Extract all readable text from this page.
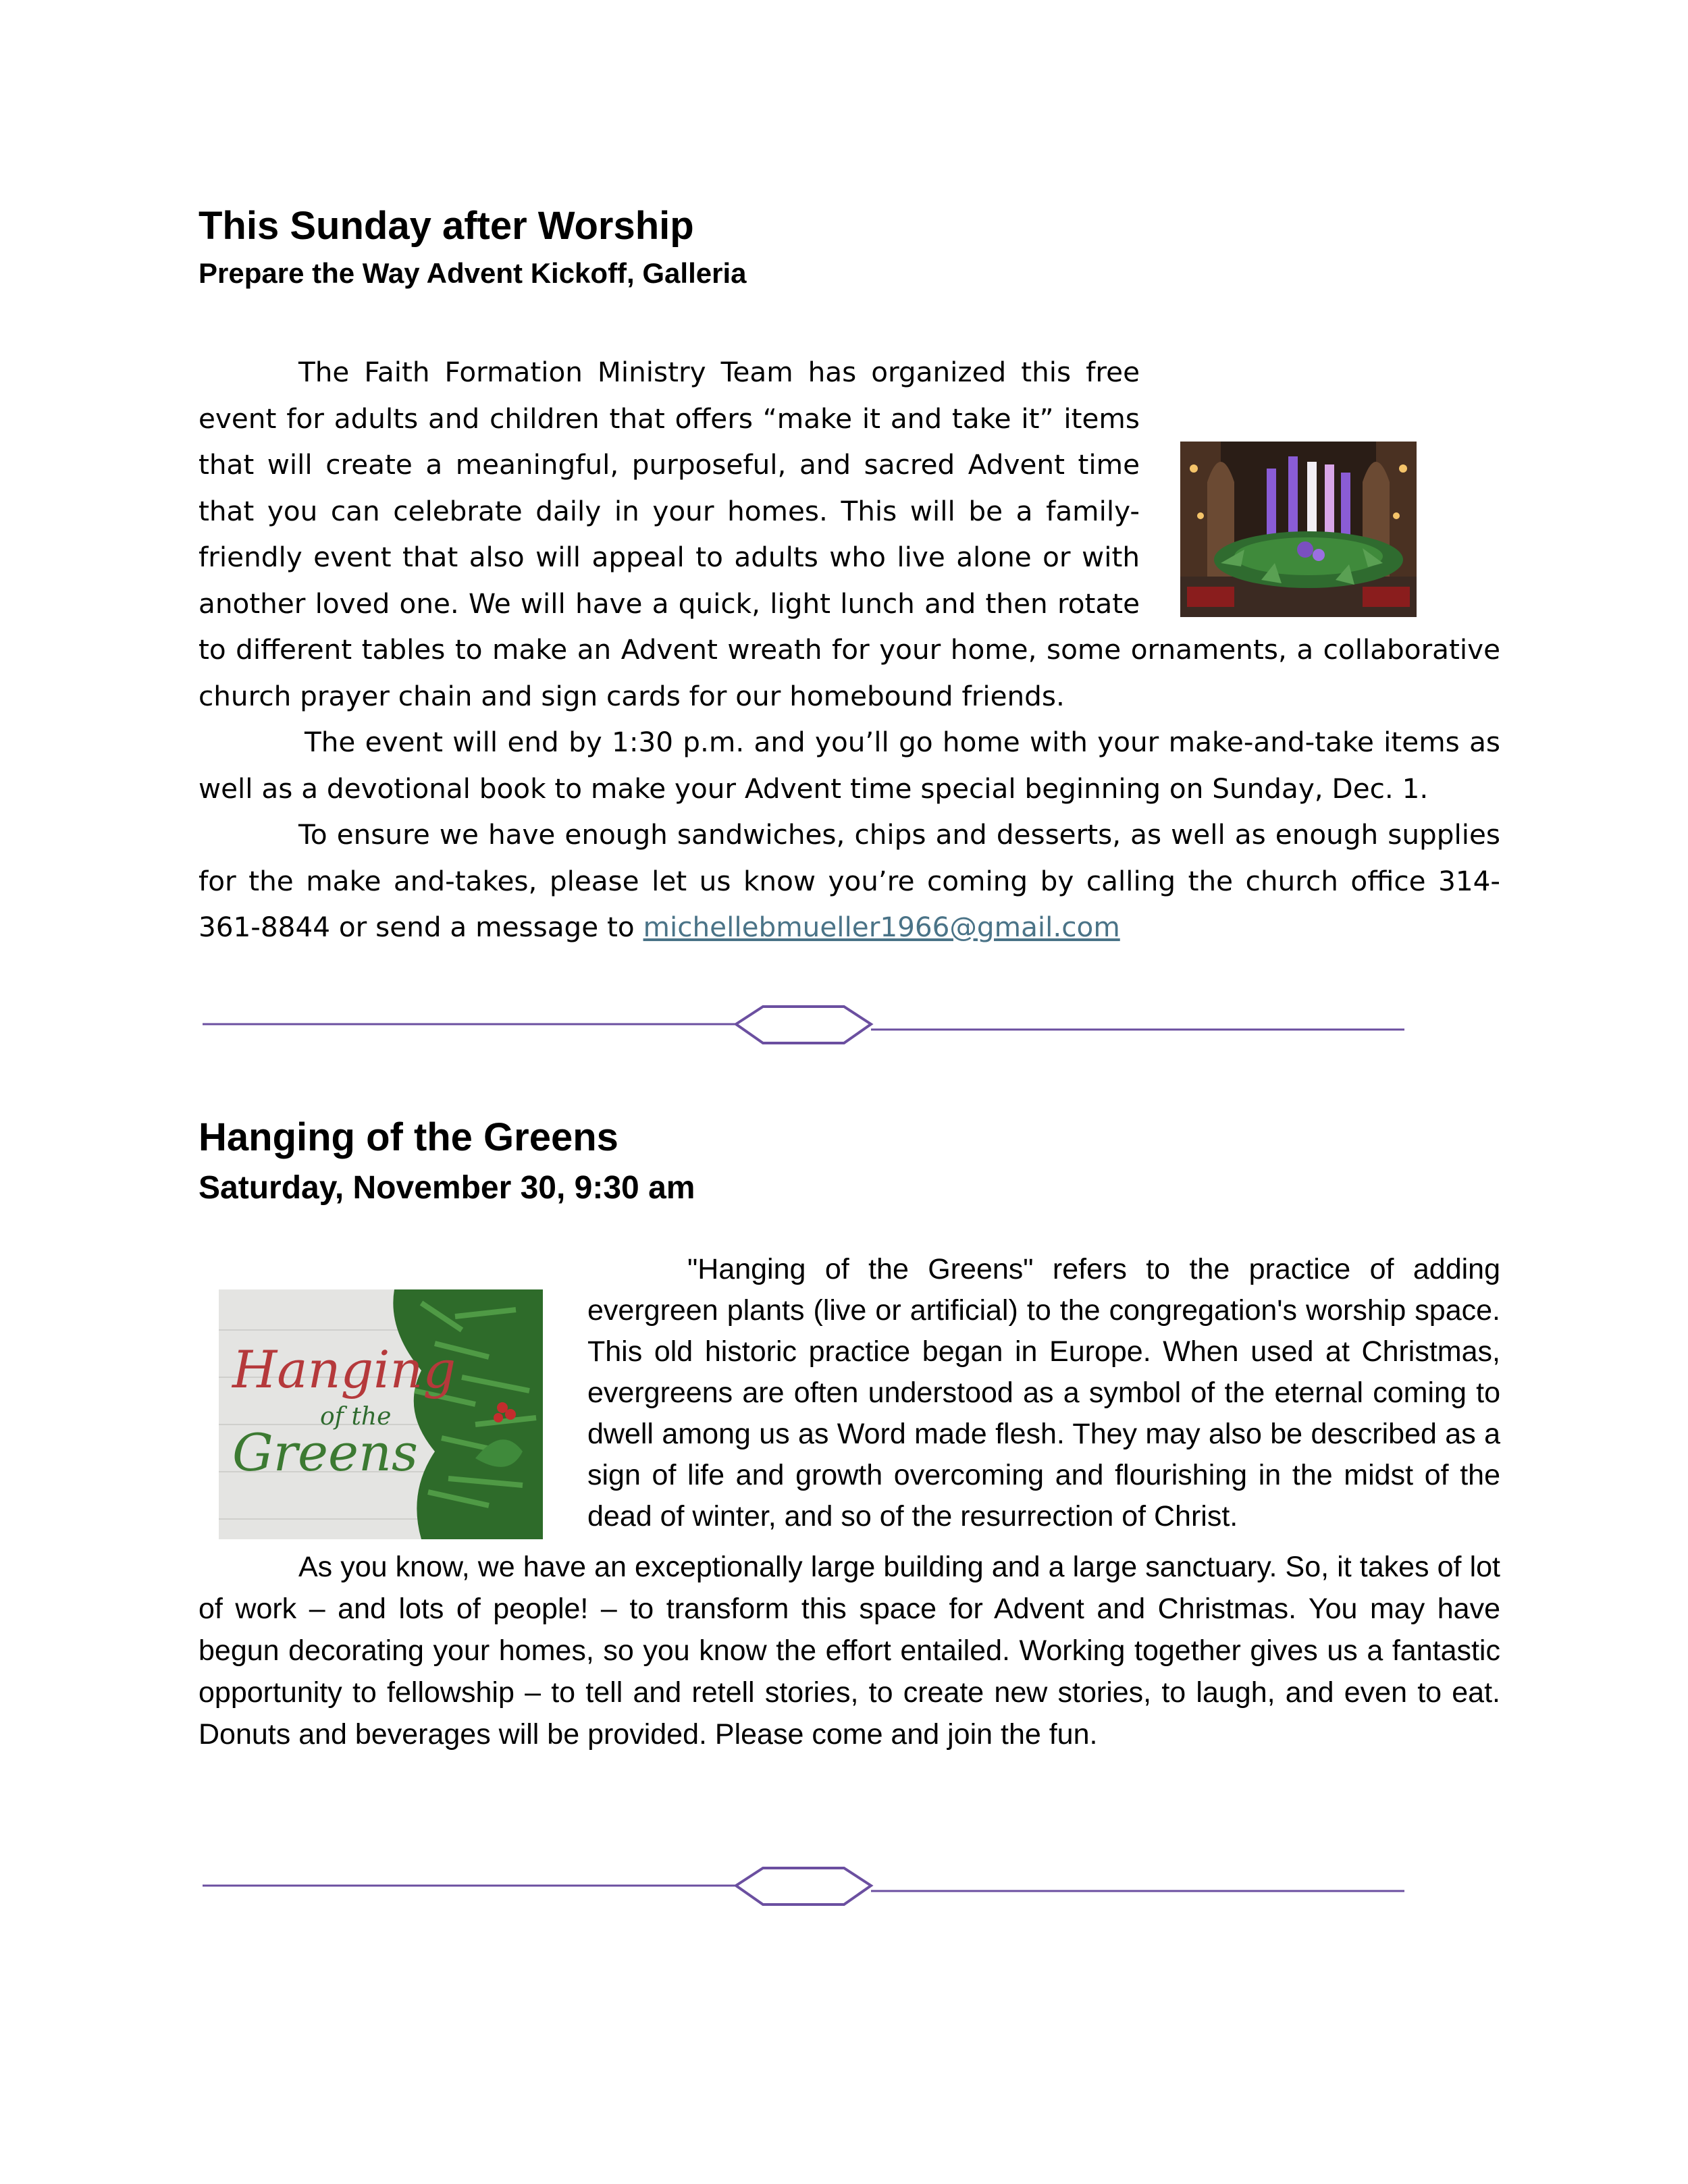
This Sunday after Worship
Prepare the Way Advent Kickoff, Galleria

The Faith Formation Ministry Team has organized this free event for adults and children that offers “make it and take it” items that will create a meaningful, purposeful, and sacred Advent time that you can celebrate daily in your homes. This will be a family-friendly event that also will appeal to adults who live alone or with another loved one. We will have a quick, light lunch and then rotate to different tables to make an Advent wreath for your home, some ornaments, a collaborative church prayer chain and sign cards for our homebound friends.

The event will end by 1:30 p.m. and you’ll go home with your make-and-take items as well as a devotional book to make your Advent time special beginning on Sunday, Dec. 1.

To ensure we have enough sandwiches, chips and desserts, as well as enough supplies for the make and-takes, please let us know you’re coming by calling the church office 314-361-8844 or send a message to michellebmueller1966@gmail.com

Hanging of the Greens
Saturday, November 30, 9:30 am
Hanging
of the
Greens

"Hanging of the Greens" refers to the practice of adding evergreen plants (live or artificial) to the congregation's worship space. This old historic practice began in Europe. When used at Christmas, evergreens are often understood as a symbol of the eternal coming to dwell among us as Word made flesh. They may also be described as a sign of life and growth overcoming and flourishing in the midst of the dead of winter, and so of the resurrection of Christ.

As you know, we have an exceptionally large building and a large sanctuary. So, it takes of lot of work – and lots of people! – to transform this space for Advent and Christmas. You may have begun decorating your homes, so you know the effort entailed. Working together gives us a fantastic opportunity to fellowship – to tell and retell stories, to create new stories, to laugh, and even to eat. Donuts and beverages will be provided. Please come and join the fun.
